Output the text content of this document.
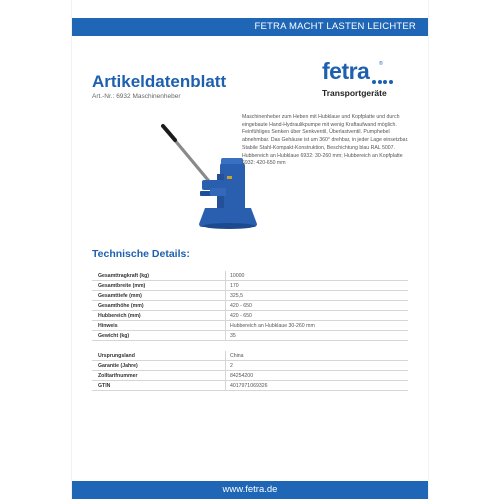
FETRA MACHT LASTEN LEICHTER
Artikeldatenblatt
Art.-Nr.: 6932 Maschinenheber
fetra ®
Transportgeräte
Maschinenheber zum Heben mit Hubklaue und Kopfplatte und durch eingebaute Hand-Hydraulikpumpe mit wenig Kraftaufwand möglich. Feinfühliges Senken über Senkventil, Überlastventil. Pumphebel abnehmbar. Das Gehäuse ist um 360° drehbar, in jeder Lage einsetzbar. Stabile Stahl-Kompakt-Konstruktion, Beschichtung blau RAL 5007. Hubbereich an Hubklaue 6932: 30-260 mm; Hubbereich an Kopfplatte 6932: 420-650 mm
Technische Details:
Gesamttragkraft (kg)	10000
Gesamtbreite (mm)	170
Gesamttiefe (mm)	325,5
Gesamthöhe (mm)	420 - 650
Hubbereich (mm)	420 - 650
Hinweis	Hubbereich an Hubklaue 30-260 mm
Gewicht (kg)	35
Ursprungsland	China
Garantie (Jahre)	2
Zolltarifnummer	84254200
GTIN	4017971069326
www.fetra.de
